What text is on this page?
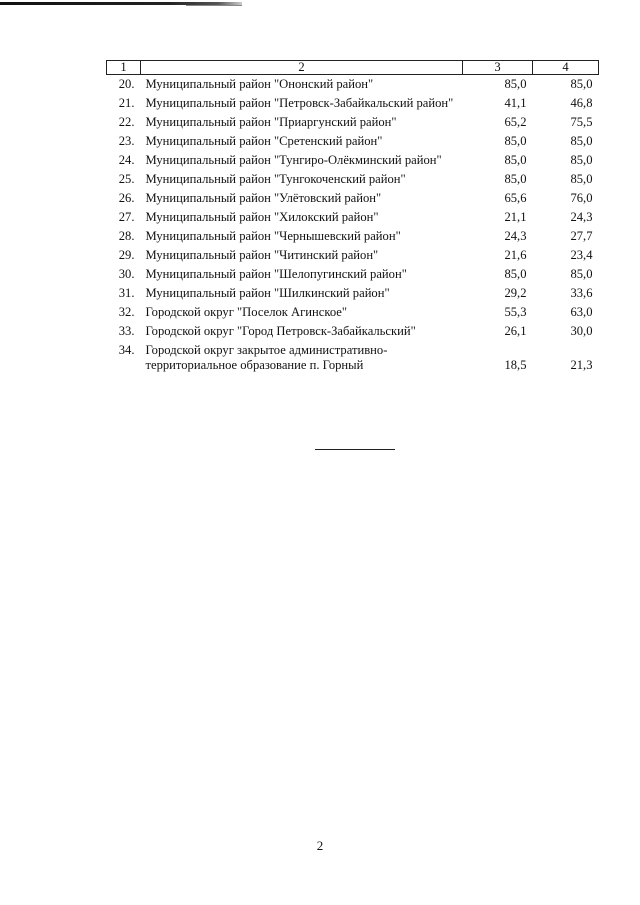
1	2	3	4
20.	Муниципальный район "Ононский район"	85,0	85,0
21.	Муниципальный район "Петровск-Забайкальский район"	41,1	46,8
22.	Муниципальный район "Приаргунский район"	65,2	75,5
23.	Муниципальный район "Сретенский район"	85,0	85,0
24.	Муниципальный район "Тунгиро-Олёкминский район"	85,0	85,0
25.	Муниципальный район "Тунгокоченский район"	85,0	85,0
26.	Муниципальный район "Улётовский район"	65,6	76,0
27.	Муниципальный район "Хилокский район"	21,1	24,3
28.	Муниципальный район "Чернышевский район"	24,3	27,7
29.	Муниципальный район "Читинский район"	21,6	23,4
30.	Муниципальный район "Шелопугинский район"	85,0	85,0
31.	Муниципальный район "Шилкинский район"	29,2	33,6
32.	Городской округ "Поселок Агинское"	55,3	63,0
33.	Городской округ "Город Петровск-Забайкальский"	26,1	30,0
34.	Городской округ закрытое административно-территориальное образование п. Горный	18,5	21,3
2
